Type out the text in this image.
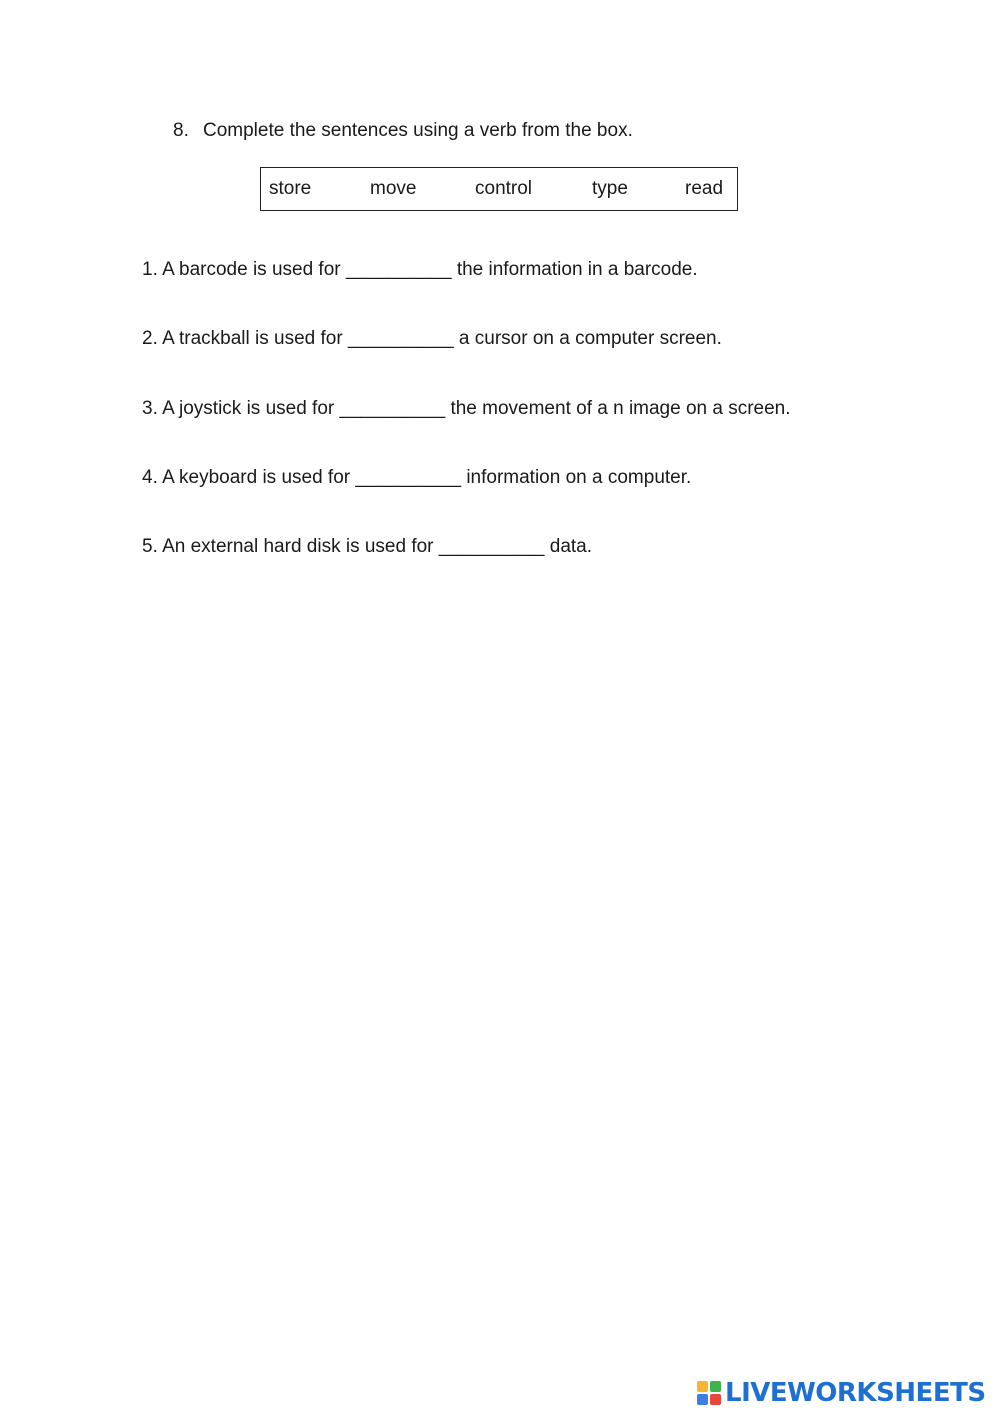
8. Complete the sentences using a verb from the box.
store	move	control	type	read
1. A barcode is used for __________ the information in a barcode.
2. A trackball is used for __________ a cursor on a computer screen.
3. A joystick is used for __________ the movement of a n image on a screen.
4. A keyboard is used for __________ information on a computer.
5. An external hard disk is used for __________ data.
LIVEWORKSHEETS
